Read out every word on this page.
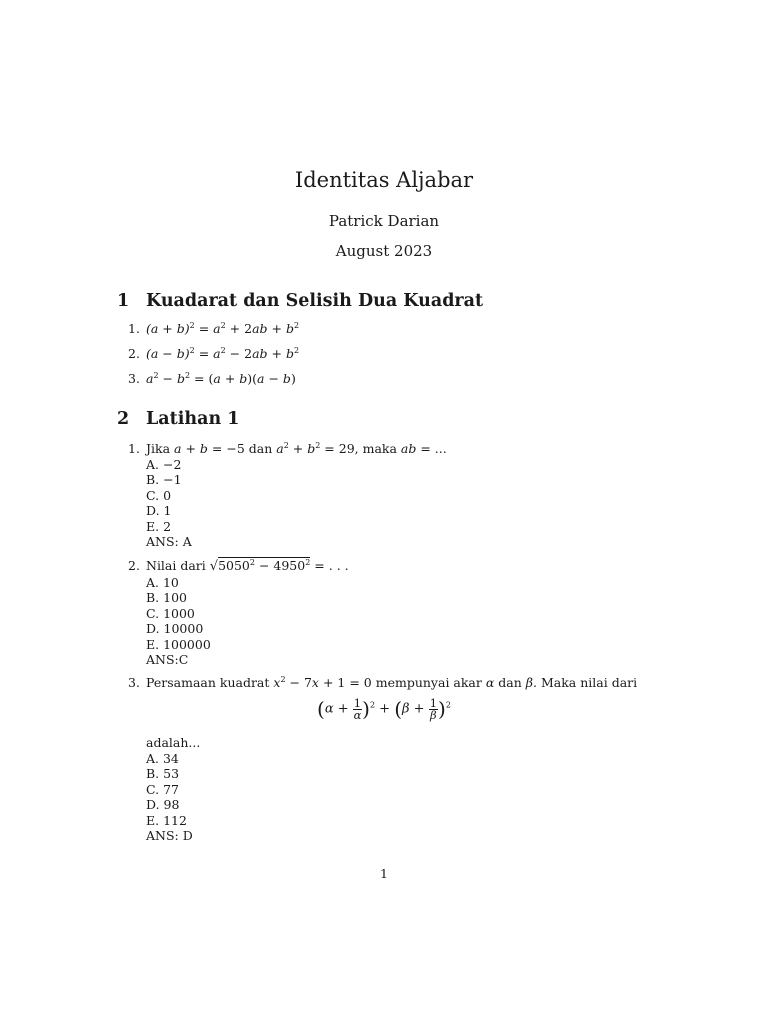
Identitas Aljabar
Patrick Darian
August 2023
1 Kuadarat dan Selisih Dua Kuadrat
1. $(a + b)^2 = a^2 + 2ab + b^2$
2. $(a - b)^2 = a^2 - 2ab + b^2$
3. $a^2 - b^2 = (a + b)(a - b)$
2 Latihan 1
1. Jika a + b = −5 dan $a^2 + b^2 = 29$, maka ab = ...
A. −2
B. −1
C. 0
D. 1
E. 2
ANS: A
2. Nilai dari $√5050^2 - 4950^2$ = . . .
A. 10
B. 100
C. 1000
D. 10000
E. 100000
ANS:C
3. Persamaan kuadrat $x^2 - 7x + 1 = 0$ mempunyai akar α dan β. Maka nilai dari
$(\alpha + \frac{1}{\alpha} )^2 + (\beta + \frac{1}{\beta} )^2$
adalah...
A. 34
B. 53
C. 77
D. 98
E. 112
ANS: D
1
